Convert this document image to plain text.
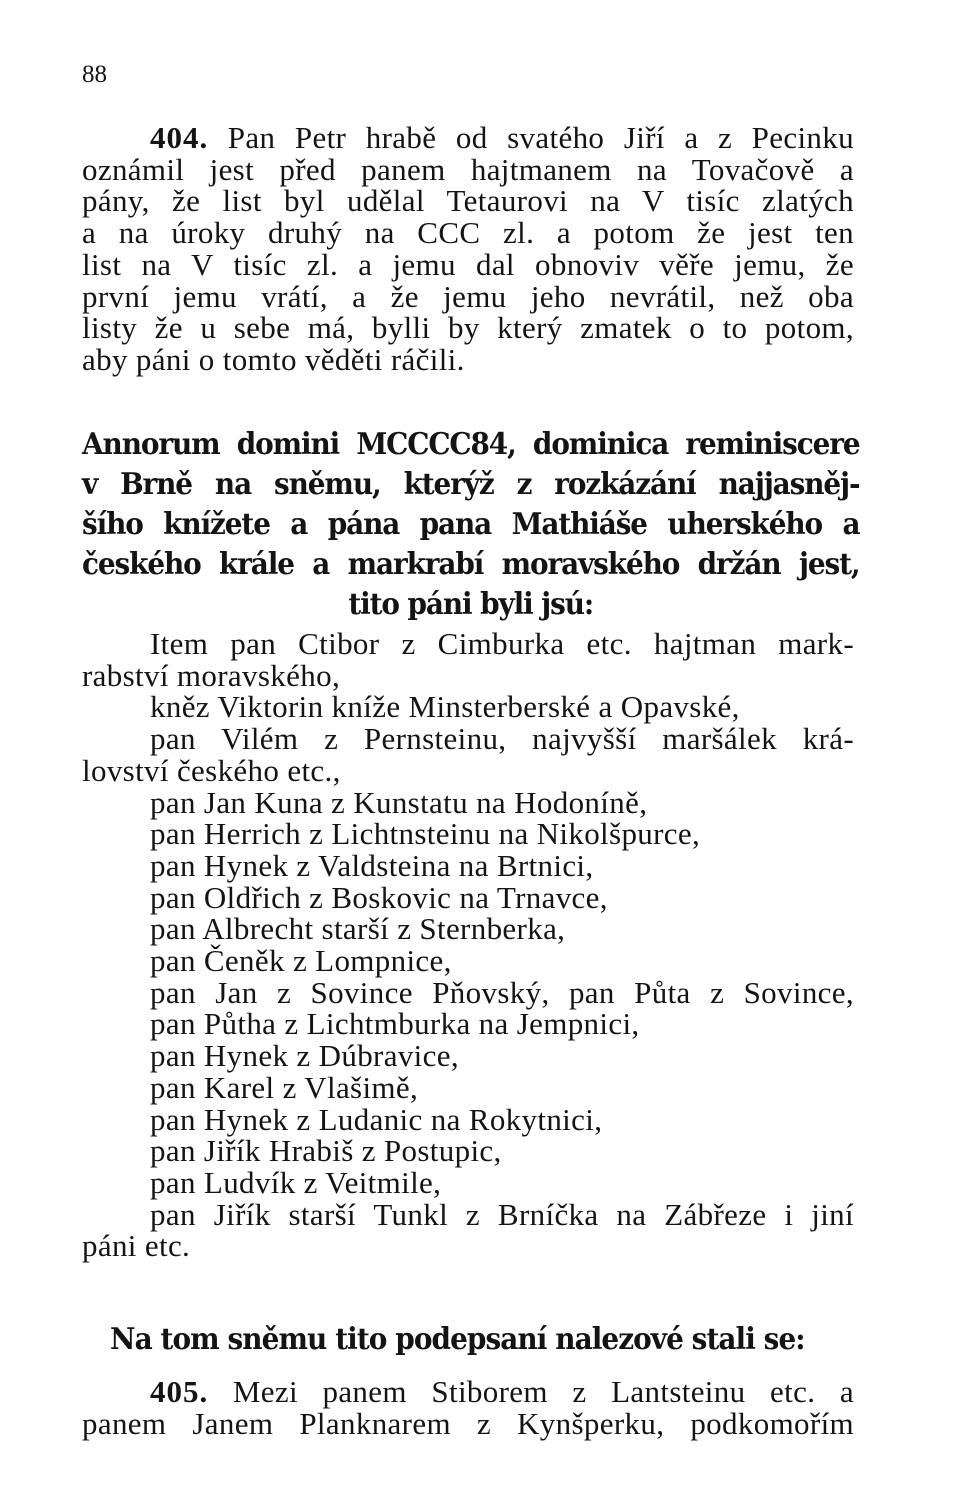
88
404. Pan Petr hrabě od svatého Jiří a z Pecinku
oznámil jest před panem hajtmanem na Tovačově a
pány, že list byl udělal Tetaurovi na V tisíc zlatých
a na úroky druhý na CCC zl. a potom že jest ten
list na V tisíc zl. a jemu dal obnoviv věře jemu, že
první jemu vrátí, a že jemu jeho nevrátil, než oba
listy že u sebe má, bylli by který zmatek o to potom,
aby páni o tomto věděti ráčili.
Annorum domini MCCCC84, dominica reminiscere
v Brně na sněmu, kterýž z rozkázání najjasněj-
šího knížete a pána pana Mathiáše uherského a
českého krále a markrabí moravského držán jest,
tito páni byli jsú:
Item pan Ctibor z Cimburka etc. hajtman mark-
rabství moravského,
kněz Viktorin kníže Minsterberské a Opavské,
pan Vilém z Pernsteinu, najvyšší maršálek krá-
lovství českého etc.,
pan Jan Kuna z Kunstatu na Hodoníně,
pan Herrich z Lichtnsteinu na Nikolšpurce,
pan Hynek z Valdsteina na Brtnici,
pan Oldřich z Boskovic na Trnavce,
pan Albrecht starší z Sternberka,
pan Čeněk z Lompnice,
pan Jan z Sovince Pňovský, pan Půta z Sovince,
pan Půtha z Lichtmburka na Jempnici,
pan Hynek z Dúbravice,
pan Karel z Vlašimě,
pan Hynek z Ludanic na Rokytnici,
pan Jiřík Hrabiš z Postupic,
pan Ludvík z Veitmile,
pan Jiřík starší Tunkl z Brníčka na Zábřeze i jiní
páni etc.
Na tom sněmu tito podepsaní nalezové stali se:
405. Mezi panem Stiborem z Lantsteinu etc. a
panem Janem Planknarem z Kynšperku, podkomořím
